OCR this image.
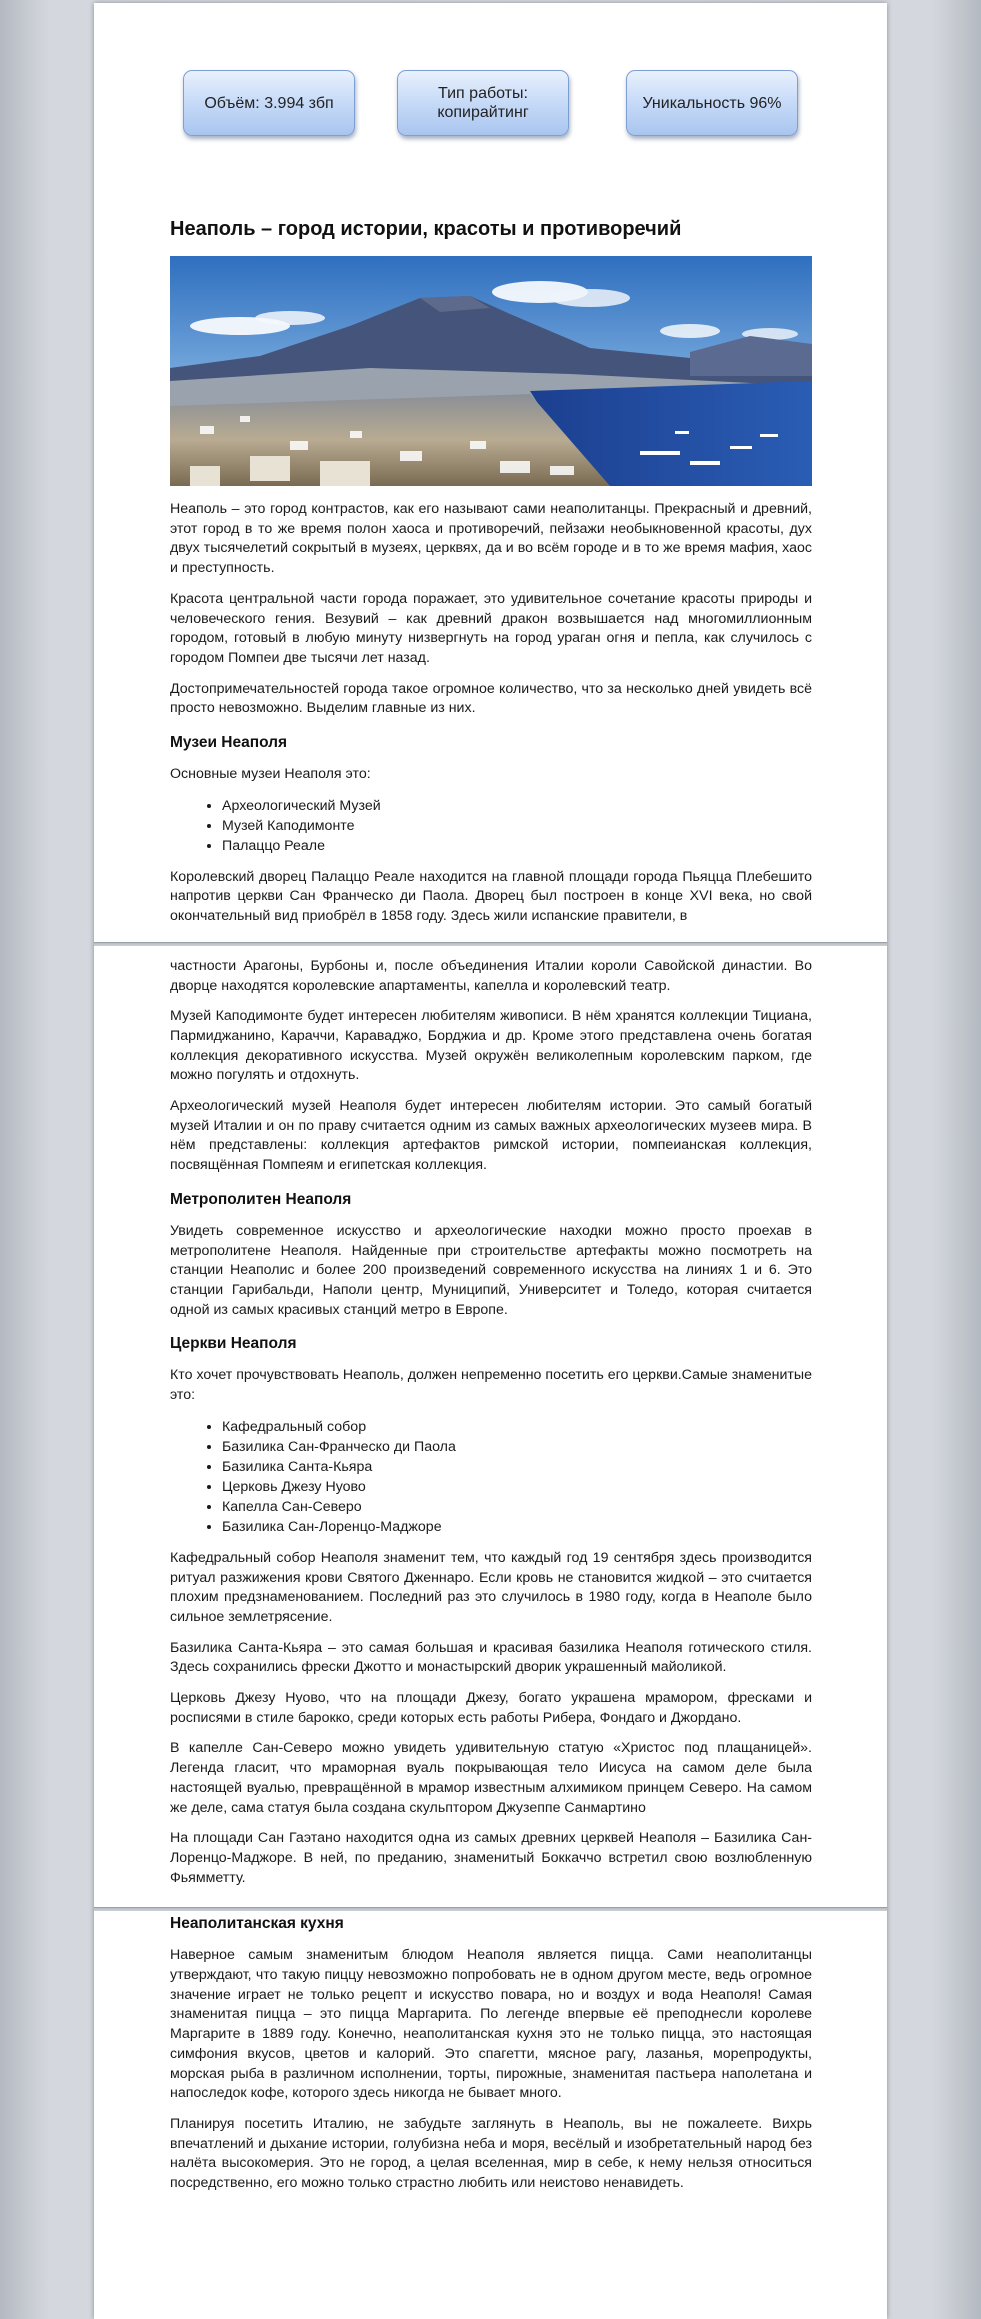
Объём: 3.994 збп
Тип работы: копирайтинг
Уникальность 96%
Неаполь – город истории, красоты и противоречий

Неаполь – это город контрастов, как его называют сами неаполитанцы. Прекрасный и древний, этот город в то же время полон хаоса и противоречий, пейзажи необыкновенной красоты, дух двух тысячелетий сокрытый в музеях, церквях, да и во всём городе и в то же время мафия, хаос и преступность.

Красота центральной части города поражает, это удивительное сочетание красоты природы и человеческого гения. Везувий – как древний дракон возвышается над многомиллионным городом, готовый в любую минуту низвергнуть на город ураган огня и пепла, как случилось с городом Помпеи две тысячи лет назад.

Достопримечательностей города такое огромное количество, что за несколько дней увидеть всё просто невозможно. Выделим главные из них.

Музеи Неаполя

Основные музеи Неаполя это:

• Археологический Музей
• Музей Каподимонте
• Палаццо Реале

Королевский дворец Палаццо Реале находится на главной площади города Пьяцца Плебешито напротив церкви Сан Франческо ди Паола. Дворец был построен в конце XVI века, но свой окончательный вид приобрёл в 1858 году. Здесь жили испанские правители, в

частности Арагоны, Бурбоны и, после объединения Италии короли Савойской династии. Во дворце находятся королевские апартаменты, капелла и королевский театр.

Музей Каподимонте будет интересен любителям живописи. В нём хранятся коллекции Тициана, Пармиджанино, Караччи, Караваджо, Борджиа и др. Кроме этого представлена очень богатая коллекция декоративного искусства. Музей окружён великолепным королевским парком, где можно погулять и отдохнуть.

Археологический музей Неаполя будет интересен любителям истории. Это самый богатый музей Италии и он по праву считается одним из самых важных археологических музеев мира. В нём представлены: коллекция артефактов римской истории, помпеианская коллекция, посвящённая Помпеям и египетская коллекция.

Метрополитен Неаполя

Увидеть современное искусство и археологические находки можно просто проехав в метрополитене Неаполя. Найденные при строительстве артефакты можно посмотреть на станции Неаполис и более 200 произведений современного искусства на линиях 1 и 6. Это станции Гарибальди, Наполи центр, Муниципий, Университет и Толедо, которая считается одной из самых красивых станций метро в Европе.

Церкви Неаполя

Кто хочет прочувствовать Неаполь, должен непременно посетить его церкви.Самые знаменитые это:

• Кафедральный собор
• Базилика Сан-Франческо ди Паола
• Базилика Санта-Кьяра
• Церковь Джезу Нуово
• Капелла Сан-Северо
• Базилика Сан-Лоренцо-Маджоре

Кафедральный собор Неаполя знаменит тем, что каждый год 19 сентября здесь производится ритуал разжижения крови Святого Дженнаро. Если кровь не становится жидкой – это считается плохим предзнаменованием. Последний раз это случилось в 1980 году, когда в Неаполе было сильное землетрясение.

Базилика Санта-Кьяра – это самая большая и красивая базилика Неаполя готического стиля. Здесь сохранились фрески Джотто и монастырский дворик украшенный майоликой.

Церковь Джезу Нуово, что на площади Джезу, богато украшена мрамором, фресками и росписями в стиле барокко, среди которых есть работы Рибера, Фондаго и Джордано.

В капелле Сан-Северо можно увидеть удивительную статую «Христос под плащаницей». Легенда гласит, что мраморная вуаль покрывающая тело Иисуса на самом деле была настоящей вуалью, превращённой в мрамор известным алхимиком принцем Северо. На самом же деле, сама статуя была создана скульптором Джузеппе Санмартино

На площади Сан Гаэтано находится одна из самых древних церквей Неаполя – Базилика Сан-Лоренцо-Маджоре. В ней, по преданию, знаменитый Боккаччо встретил свою возлюбленную Фьямметту.

Неаполитанская кухня

Наверное самым знаменитым блюдом Неаполя является пицца. Сами неаполитанцы утверждают, что такую пиццу невозможно попробовать не в одном другом месте, ведь огромное значение играет не только рецепт и искусство повара, но и воздух и вода Неаполя! Самая знаменитая пицца – это пицца Маргарита. По легенде впервые её преподнесли королеве Маргарите в 1889 году. Конечно, неаполитанская кухня это не только пицца, это настоящая симфония вкусов, цветов и калорий. Это спагетти, мясное рагу, лазанья, морепродукты, морская рыба в различном исполнении, торты, пирожные, знаменитая пастьера наполетана и напоследок кофе, которого здесь никогда не бывает много.

Планируя посетить Италию, не забудьте заглянуть в Неаполь, вы не пожалеете. Вихрь впечатлений и дыхание истории, голубизна неба и моря, весёлый и изобретательный народ без налёта высокомерия. Это не город, а целая вселенная, мир в себе, к нему нельзя относиться посредственно, его можно только страстно любить или неистово ненавидеть.
